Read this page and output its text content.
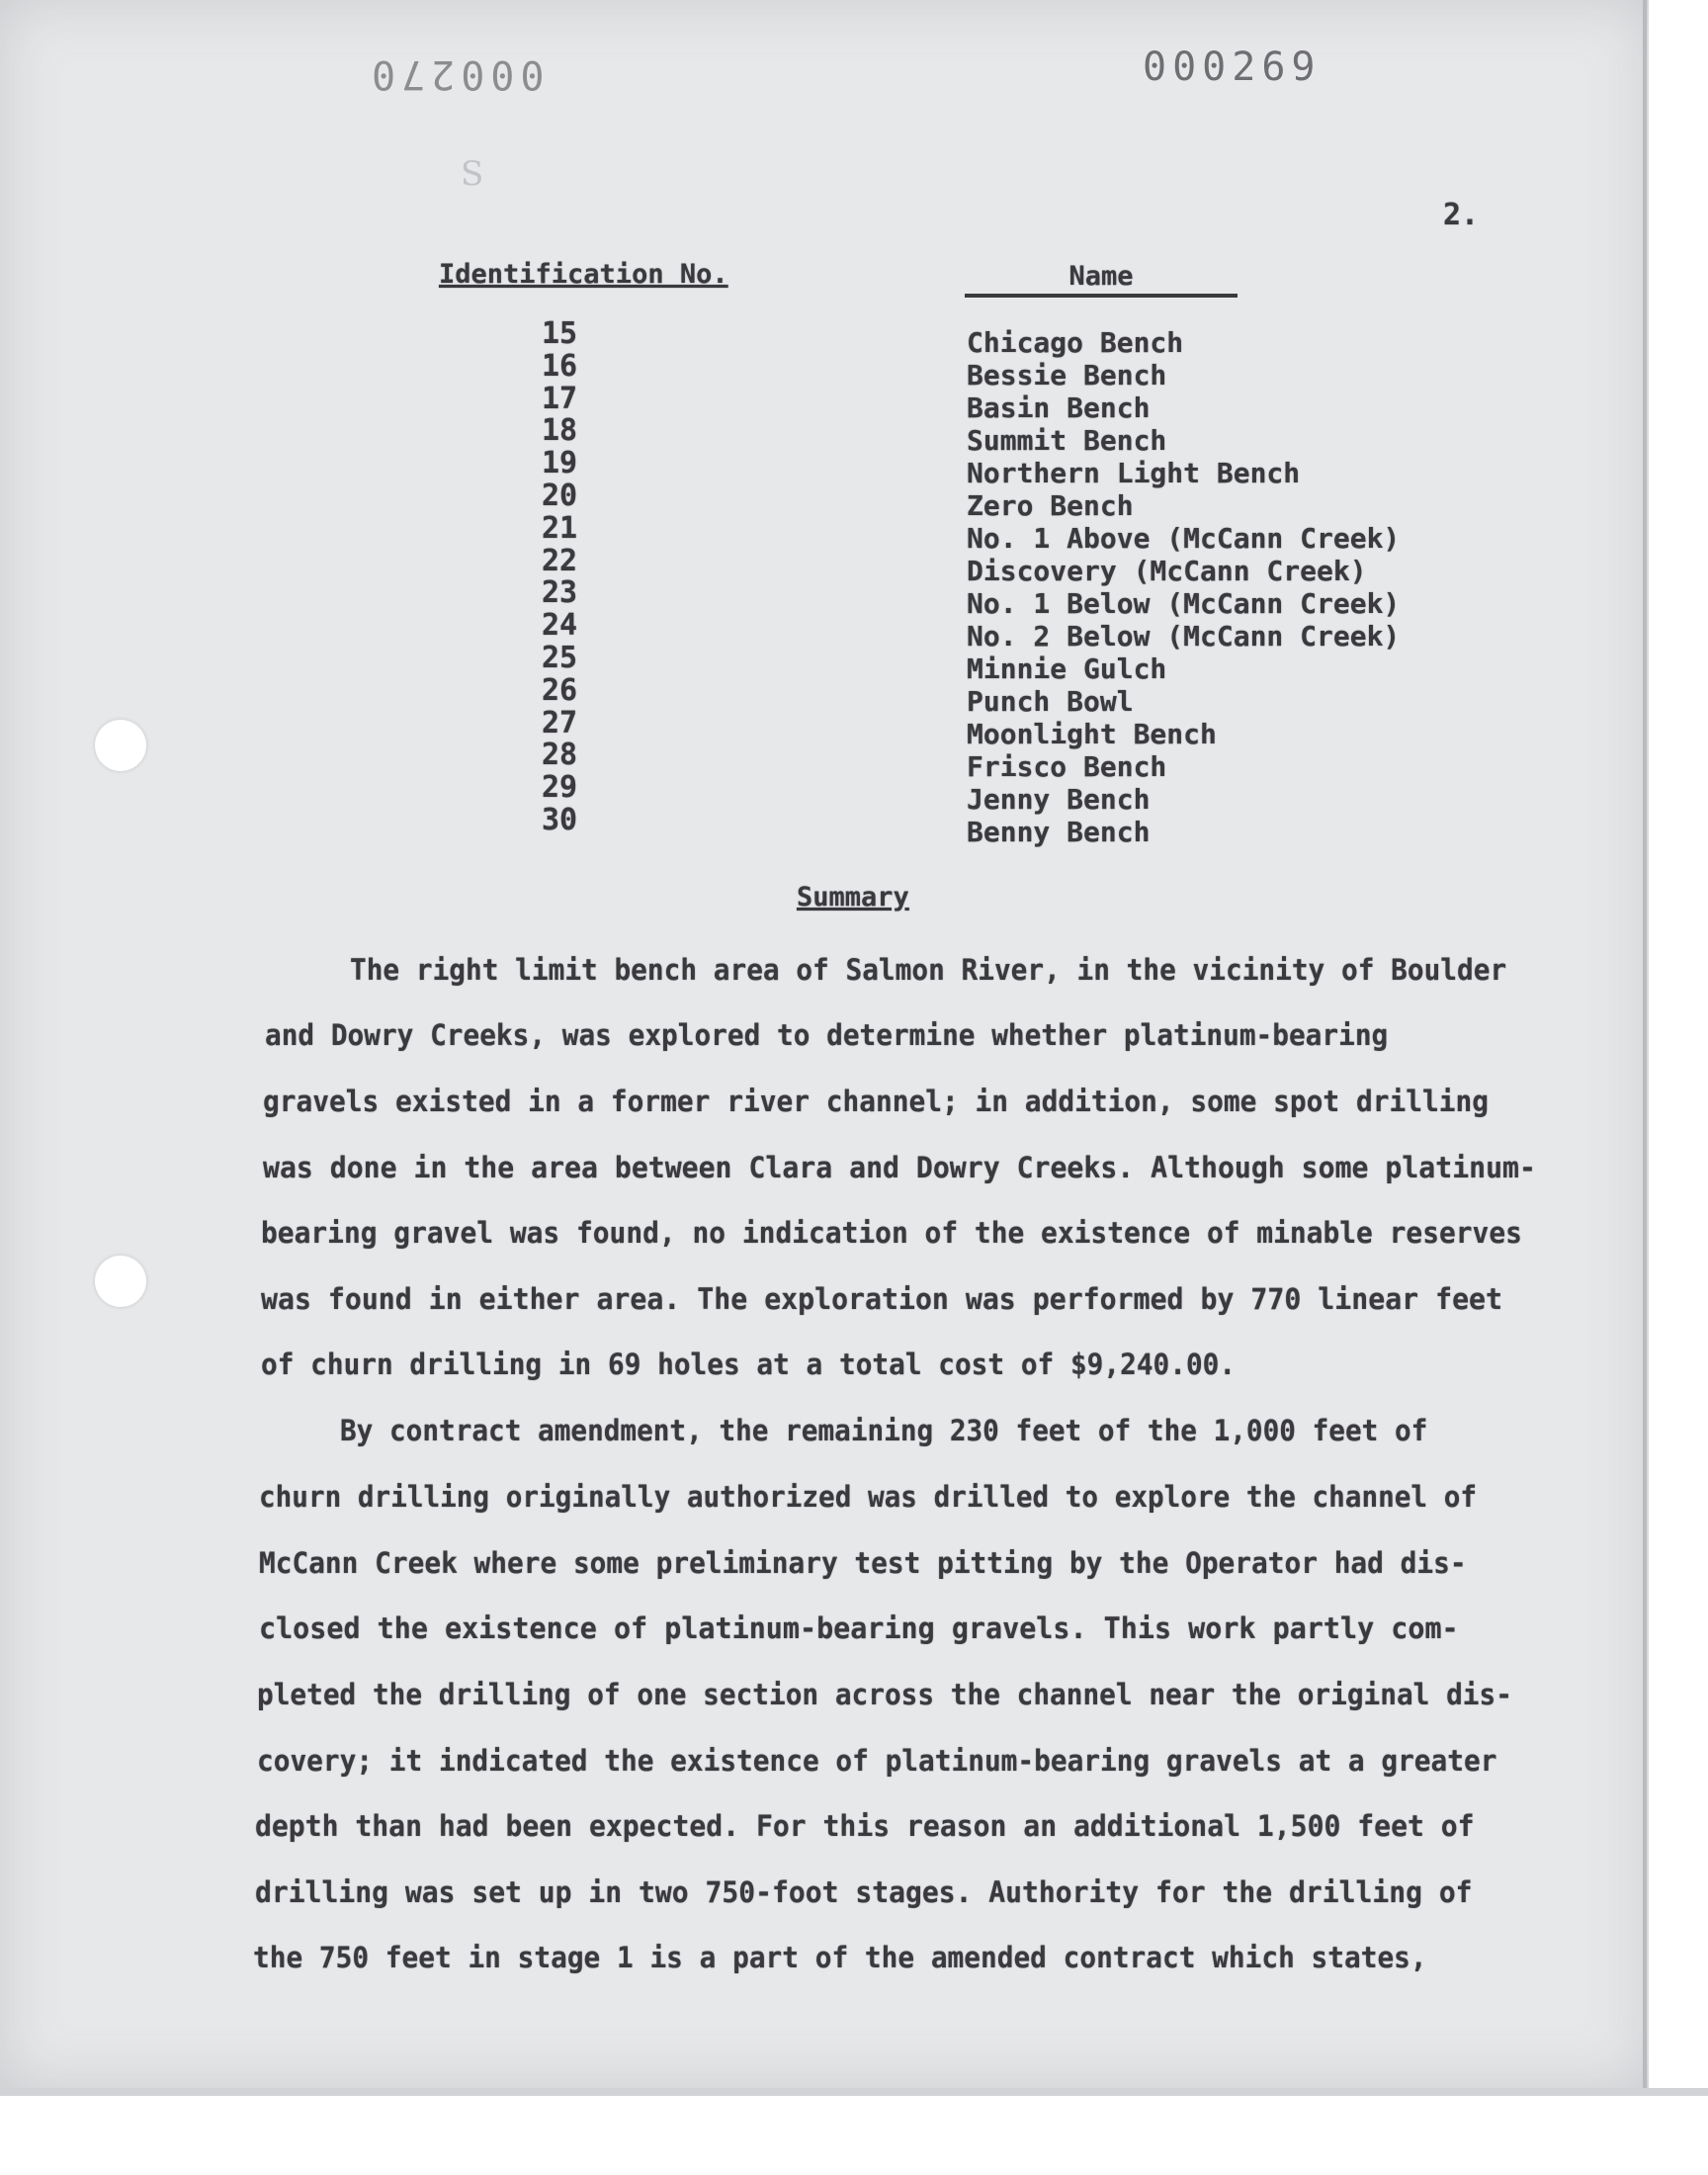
000270	000269
S
2.
Identification No.	Name
15
16
17
18
19
20
21
22
23
24
25
26
27
28
29
30
Chicago Bench
Bessie Bench
Basin Bench
Summit Bench
Northern Light Bench
Zero Bench
No. 1 Above (McCann Creek)
Discovery (McCann Creek)
No. 1 Below (McCann Creek)
No. 2 Below (McCann Creek)
Minnie Gulch
Punch Bowl
Moonlight Bench
Frisco Bench
Jenny Bench
Benny Bench
Summary
The right limit bench area of Salmon River, in the vicinity of Boulder
and Dowry Creeks, was explored to determine whether platinum-bearing
gravels existed in a former river channel; in addition, some spot drilling
was done in the area between Clara and Dowry Creeks. Although some platinum-
bearing gravel was found, no indication of the existence of minable reserves
was found in either area. The exploration was performed by 770 linear feet
of churn drilling in 69 holes at a total cost of $9,240.00.
By contract amendment, the remaining 230 feet of the 1,000 feet of
churn drilling originally authorized was drilled to explore the channel of
McCann Creek where some preliminary test pitting by the Operator had dis-
closed the existence of platinum-bearing gravels. This work partly com-
pleted the drilling of one section across the channel near the original dis-
covery; it indicated the existence of platinum-bearing gravels at a greater
depth than had been expected. For this reason an additional 1,500 feet of
drilling was set up in two 750-foot stages. Authority for the drilling of
the 750 feet in stage 1 is a part of the amended contract which states,
